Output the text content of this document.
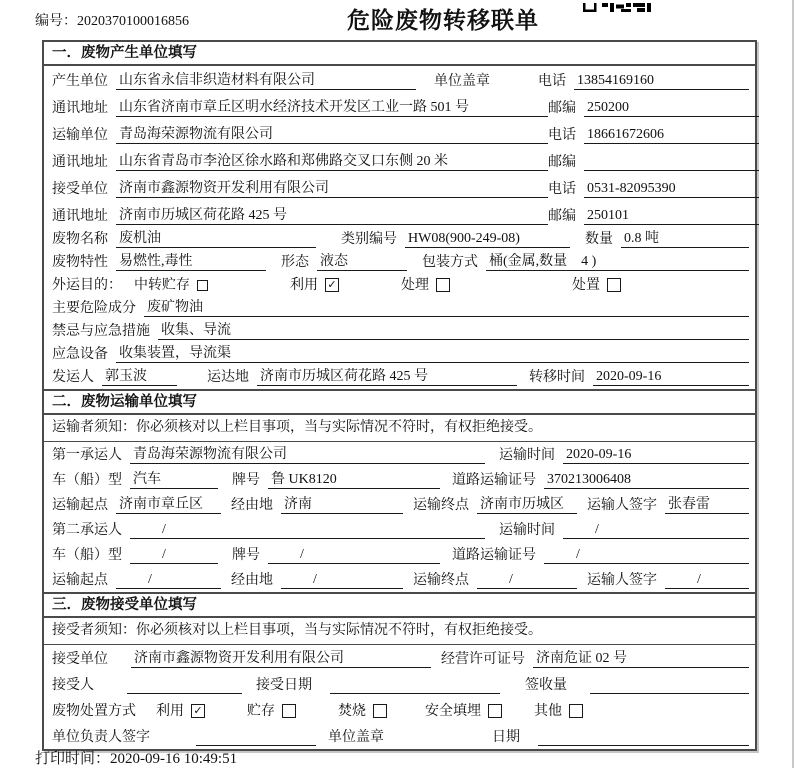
编号：2020370100016856	危险废物转移联单
一．废物产生单位填写
产生单位 山东省永信非织造材料有限公司	单位盖章	电话 13854169160
通讯地址 山东省济南市章丘区明水经济技术开发区工业一路 501 号	邮编 250200
运输单位 青岛海荣源物流有限公司	电话 18661672606
通讯地址 山东省青岛市李沧区徐水路和郑佛路交叉口东侧 20 米	邮编
接受单位 济南市鑫源物资开发利用有限公司	电话 0531-82095390
通讯地址 济南市历城区荷花路 425 号	邮编 250101
废物名称 废机油	类别编号 HW08(900-249-08)	数量 0.8 吨
废物特性 易燃性,毒性	形态 液态	包装方式 桶(金属,数量　4 )
外运目的： 中转贮存	利用 ✓	处理	处置
主要危险成分 废矿物油
禁忌与应急措施 收集、导流
应急设备 收集装置，导流渠
发运人 郭玉波	运达地 济南市历城区荷花路 425 号	转移时间 2020-09-16
二．废物运输单位填写
运输者须知：你必须核对以上栏目事项，当与实际情况不符时，有权拒绝接受。
第一承运人 青岛海荣源物流有限公司	运输时间 2020-09-16
车（船）型 汽车	牌号 鲁 UK8120	道路运输证号 370213006408
运输起点 济南市章丘区	经由地 济南	运输终点 济南市历城区	运输人签字 张春雷
第二承运人	/	运输时间	/
车（船）型	/	牌号	/	道路运输证号	/
运输起点	/	经由地	/	运输终点	/	运输人签字	/
三．废物接受单位填写
接受者须知：你必须核对以上栏目事项，当与实际情况不符时，有权拒绝接受。
接受单位 济南市鑫源物资开发利用有限公司	经营许可证号 济南危证 02 号
接受人	接受日期	签收量
废物处置方式 利用 ✓	贮存	焚烧	安全填埋	其他
单位负责人签字	单位盖章	日期
打印时间：2020-09-16 10:49:51
